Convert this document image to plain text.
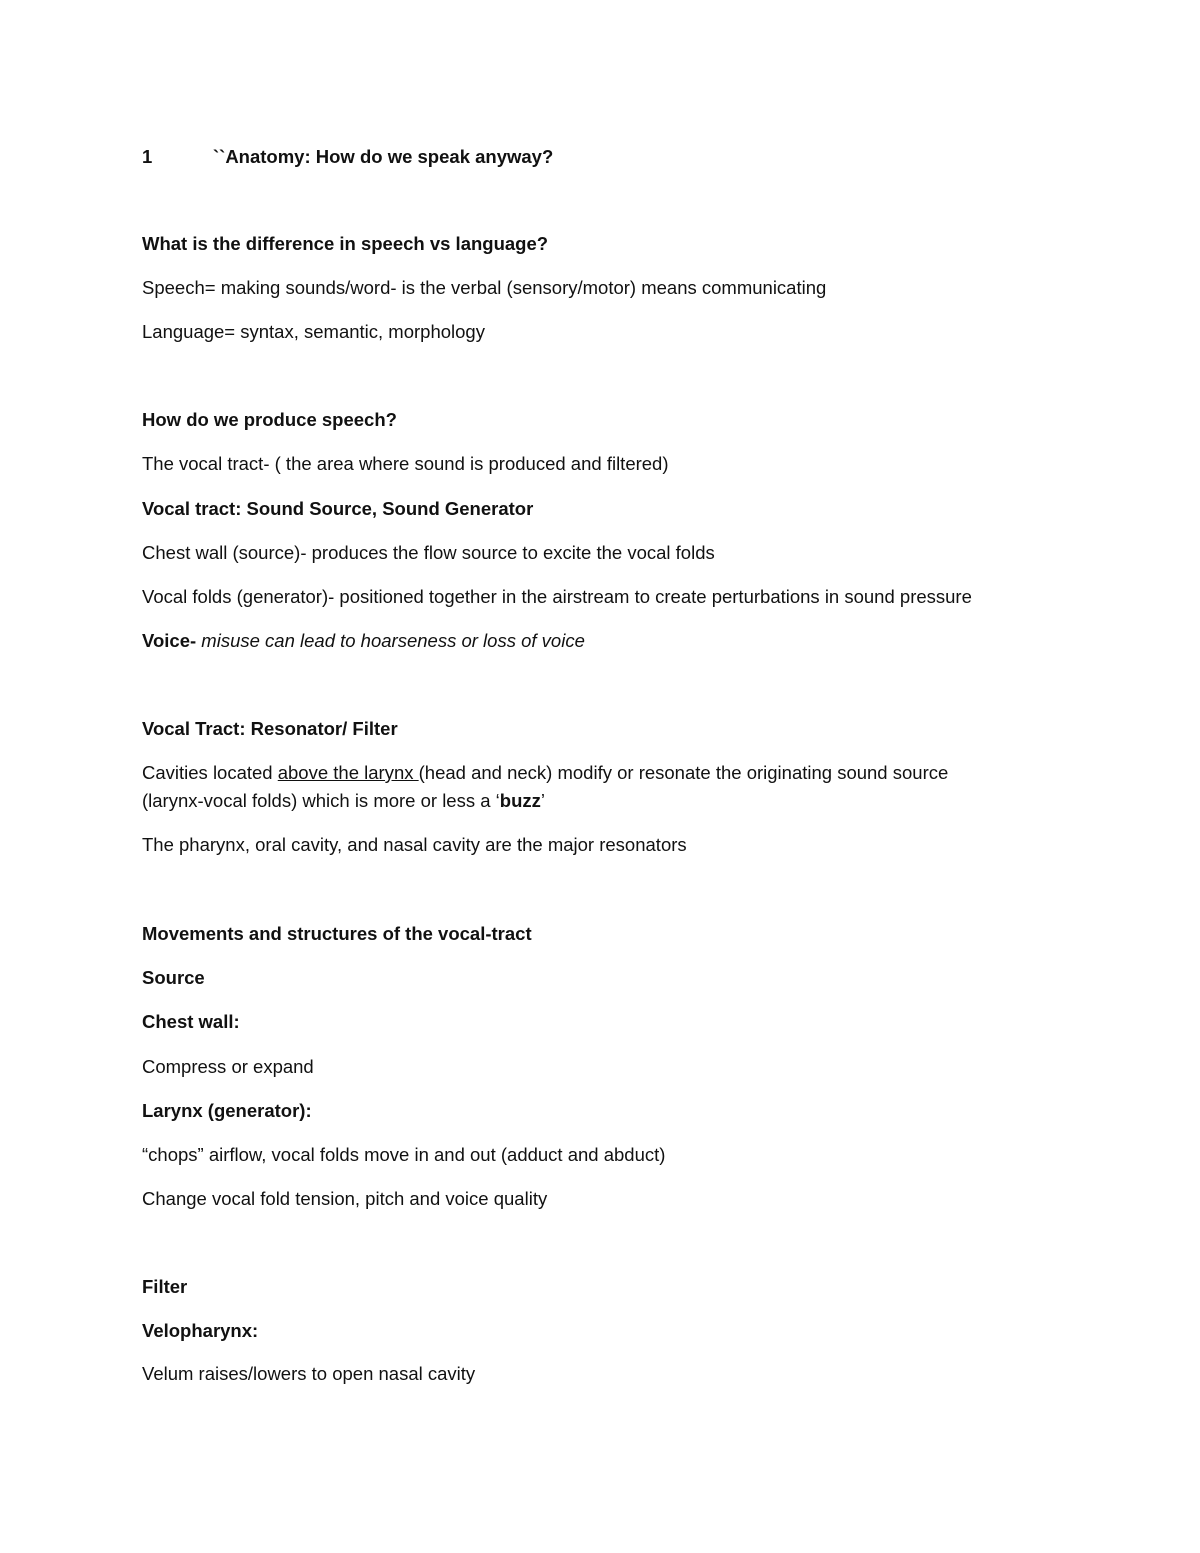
1	``Anatomy: How do we speak anyway?
What is the difference in speech vs language?
Speech= making sounds/word- is the verbal (sensory/motor) means communicating
Language= syntax, semantic, morphology
How do we produce speech?
The vocal tract- ( the area where sound is produced and filtered)
Vocal tract: Sound Source, Sound Generator
Chest wall (source)- produces the flow source to excite the vocal folds
Vocal folds (generator)- positioned together in the airstream to create perturbations in sound pressure
Voice- misuse can lead to hoarseness or loss of voice
Vocal Tract: Resonator/ Filter
Cavities located above the larynx (head and neck) modify or resonate the originating sound source
(larynx-vocal folds) which is more or less a ‘buzz’
The pharynx, oral cavity, and nasal cavity are the major resonators
Movements and structures of the vocal-tract
Source
Chest wall:
Compress or expand
Larynx (generator):
“chops” airflow, vocal folds move in and out (adduct and abduct)
Change vocal fold tension, pitch and voice quality
Filter
Velopharynx:
Velum raises/lowers to open nasal cavity
